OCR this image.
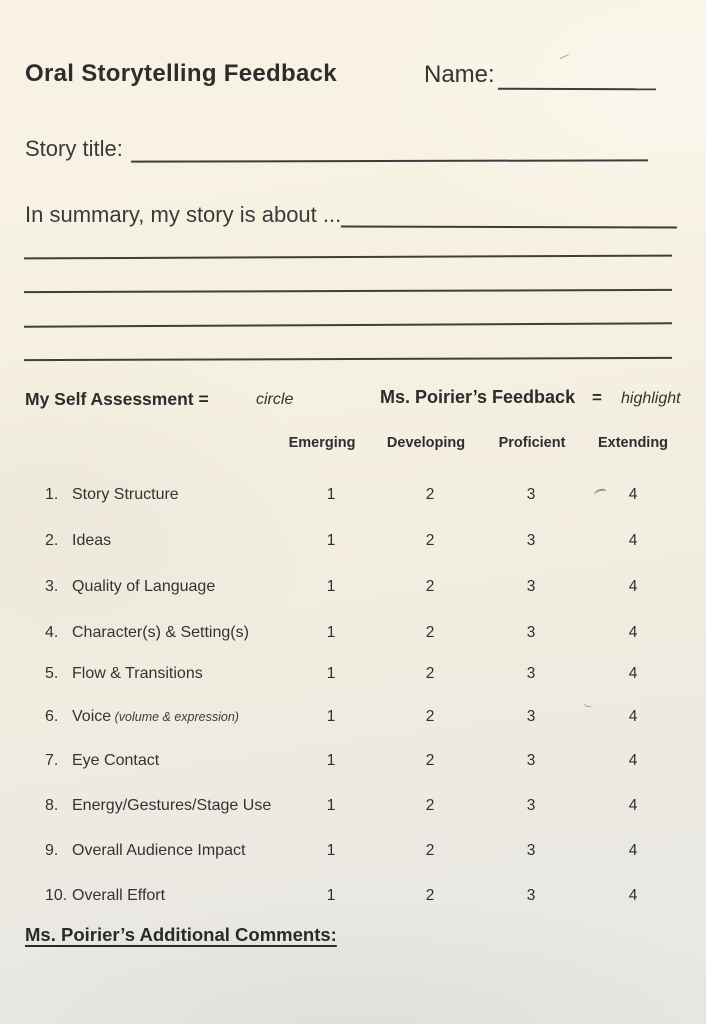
Oral Storytelling Feedback	Name:
Story title:
In summary, my story is about ...
My Self Assessment =	circle	Ms. Poirier’s Feedback = highlight
Emerging	Developing	Proficient	Extending
1. Story Structure	1	2	3	4
2. Ideas	1	2	3	4
3. Quality of Language	1	2	3	4
4. Character(s) & Setting(s)	1	2	3	4
5. Flow & Transitions	1	2	3	4
6. Voice (volume & expression)	1	2	3	4
7. Eye Contact	1	2	3	4
8. Energy/Gestures/Stage Use	1	2	3	4
9. Overall Audience Impact	1	2	3	4
10. Overall Effort	1	2	3	4
Ms. Poirier’s Additional Comments:
